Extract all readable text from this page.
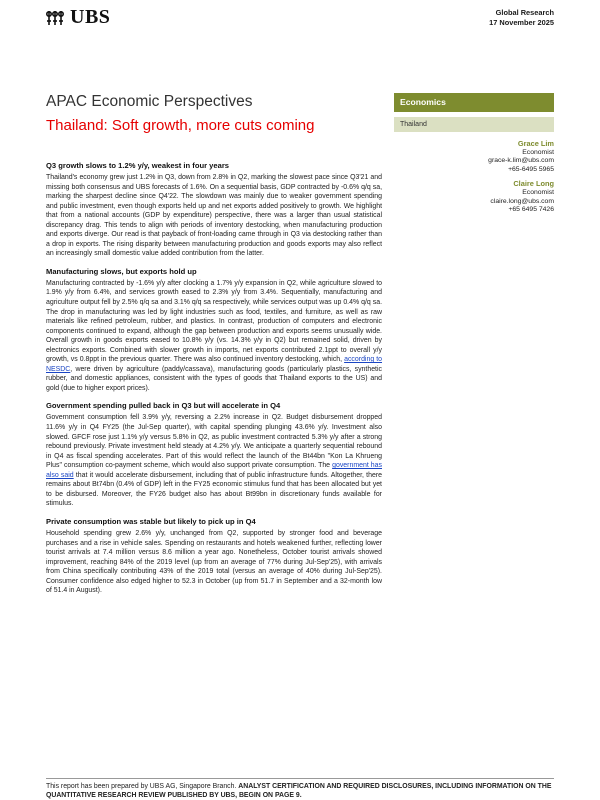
UBS	Global Research
17 November 2025
APAC Economic Perspectives
Thailand: Soft growth, more cuts coming
Economics
Thailand
Grace Lim
Economist
grace-k.lim@ubs.com
+65-6495 5965
Claire Long
Economist
claire.long@ubs.com
+65 6495 7426
Q3 growth slows to 1.2% y/y, weakest in four years

Thailand's economy grew just 1.2% in Q3, down from 2.8% in Q2, marking the slowest pace since Q3'21 and missing both consensus and UBS forecasts of 1.6%. On a sequential basis, GDP contracted by -0.6% q/q sa, marking the sharpest decline since Q4'22. The slowdown was mainly due to weaker government spending and public investment, even though exports held up and net exports added positively to growth. We highlight that from a national accounts (GDP by expenditure) perspective, there was a larger than usual statistical discrepancy drag. This tends to align with periods of inventory destocking, when manufacturing production and exports diverge. Our read is that payback of front-loading came through in Q3 via destocking rather than a drop in exports. The rising disparity between manufacturing production and goods exports may also reflect an increasingly small domestic value added contribution from the latter.

Manufacturing slows, but exports hold up

Manufacturing contracted by -1.6% y/y after clocking a 1.7% y/y expansion in Q2, while agriculture slowed to 1.9% y/y from 6.4%, and services growth eased to 2.3% y/y from 3.4%. Sequentially, manufacturing and agriculture output fell by 2.5% q/q sa and 3.1% q/q sa respectively, while services output was up 0.4% q/q sa. The drop in manufacturing was led by light industries such as food, textiles, and furniture, as well as raw materials like refined petroleum, rubber, and plastics. In contrast, production of computers and electronic components continued to expand, although the gap between production and exports seems unusually wide. Overall growth in goods exports eased to 10.8% y/y (vs. 14.3% y/y in Q2) but remained solid, driven by electronics exports. Combined with slower growth in imports, net exports contributed 2.1ppt to overall y/y growth, vs 0.8ppt in the previous quarter. There was also continued inventory destocking, which, according to NESDC, were driven by agriculture (paddy/cassava), manufacturing goods (particularly plastics, synthetic rubber, and domestic appliances, consistent with the types of goods that Thailand exports to the US) and gold (due to higher export prices).

Government spending pulled back in Q3 but will accelerate in Q4

Government consumption fell 3.9% y/y, reversing a 2.2% increase in Q2. Budget disbursement dropped 11.6% y/y in Q4 FY25 (the Jul-Sep quarter), with capital spending plunging 43.6% y/y. Investment also slowed. GFCF rose just 1.1% y/y versus 5.8% in Q2, as public investment contracted 5.3% y/y after a strong rebound previously. Private investment held steady at 4.2% y/y. We anticipate a quarterly sequential rebound in Q4 as fiscal spending accelerates. Part of this would reflect the launch of the Bt44bn "Kon La Khrueng Plus" consumption co-payment scheme, which would also support private consumption. The government has also said that it would accelerate disbursement, including that of public infrastructure funds. Altogether, there remains about Bt74bn (0.4% of GDP) left in the FY25 economic stimulus fund that has been allocated but yet to be disbursed. Moreover, the FY26 budget also has about Bt99bn in discretionary funds available for stimulus.

Private consumption was stable but likely to pick up in Q4

Household spending grew 2.6% y/y, unchanged from Q2, supported by stronger food and beverage purchases and a rise in vehicle sales. Spending on restaurants and hotels weakened further, reflecting lower tourist arrivals at 7.4 million versus 8.6 million a year ago. Nonetheless, October tourist arrivals showed improvement, reaching 84% of the 2019 level (up from an average of 77% during Jul-Sep'25), with arrivals from China specifically contributing 43% of the 2019 total (versus an average of 40% during Jul-Sep'25). Consumer confidence also edged higher to 52.3 in October (up from 51.7 in September and a 32-month low of 51.4 in August).

This report has been prepared by UBS AG, Singapore Branch. ANALYST CERTIFICATION AND REQUIRED DISCLOSURES, INCLUDING INFORMATION ON THE QUANTITATIVE RESEARCH REVIEW PUBLISHED BY UBS, BEGIN ON PAGE 9.
